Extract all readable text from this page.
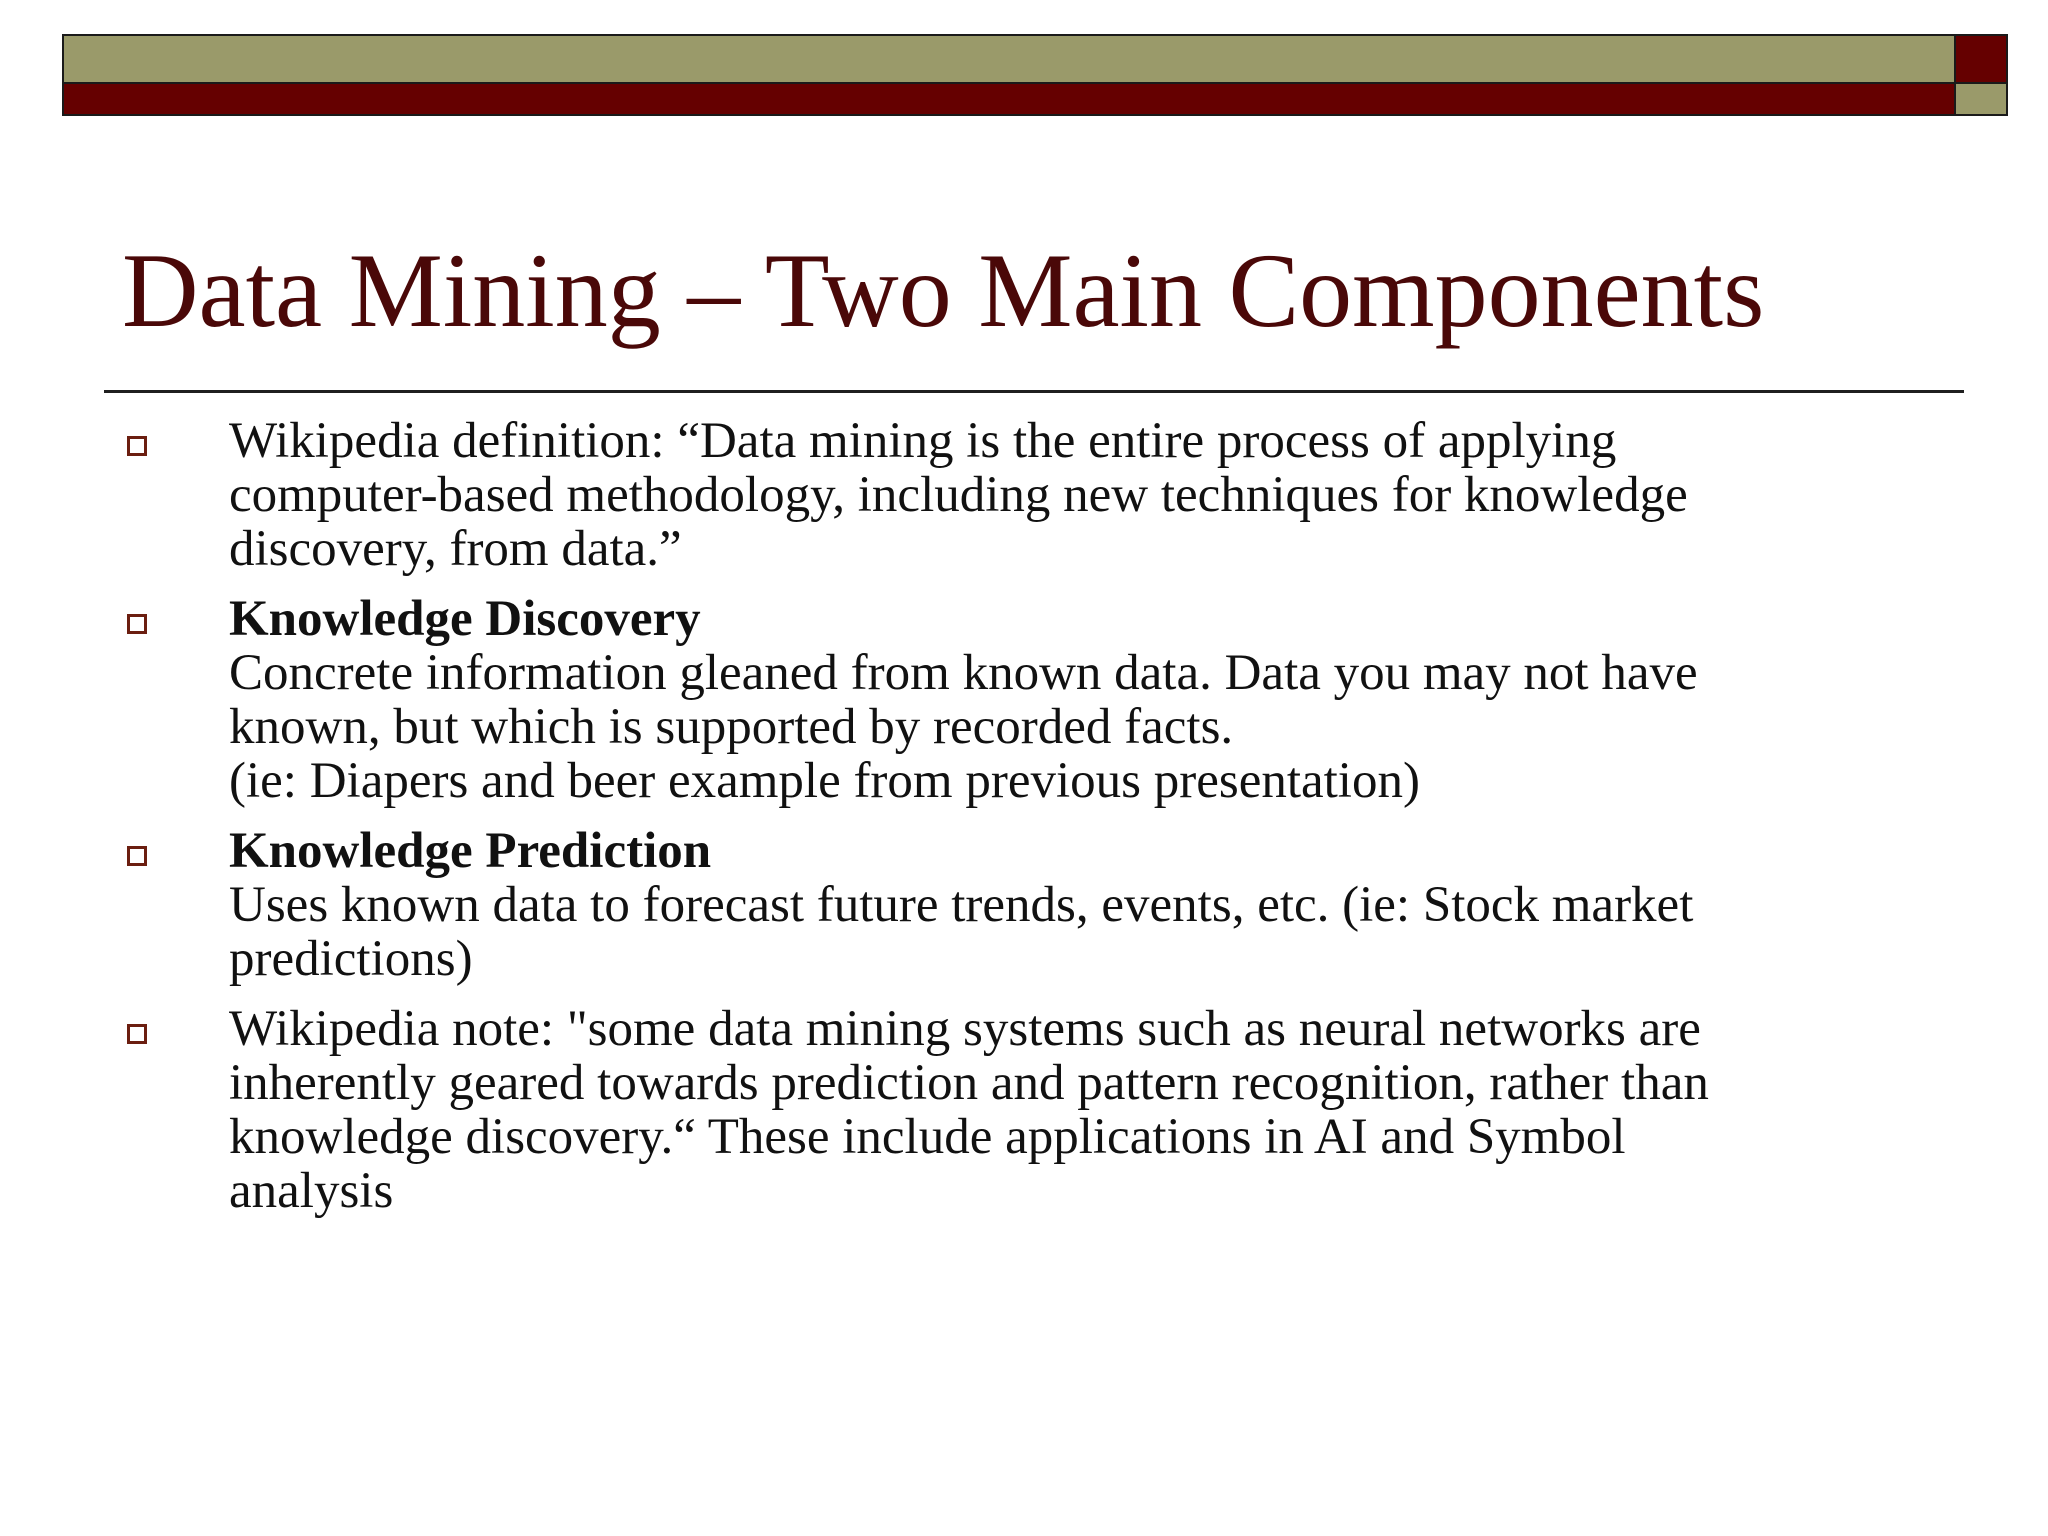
Data Mining – Two Main Components
Wikipedia definition: “Data mining is the entire process of applying
computer-based methodology, including new techniques for knowledge
discovery, from data.”
Knowledge Discovery
Concrete information gleaned from known data. Data you may not have
known, but which is supported by recorded facts.
(ie: Diapers and beer example from previous presentation)
Knowledge Prediction
Uses known data to forecast future trends, events, etc. (ie: Stock market
predictions)
Wikipedia note: "some data mining systems such as neural networks are
inherently geared towards prediction and pattern recognition, rather than
knowledge discovery.“ These include applications in AI and Symbol
analysis
